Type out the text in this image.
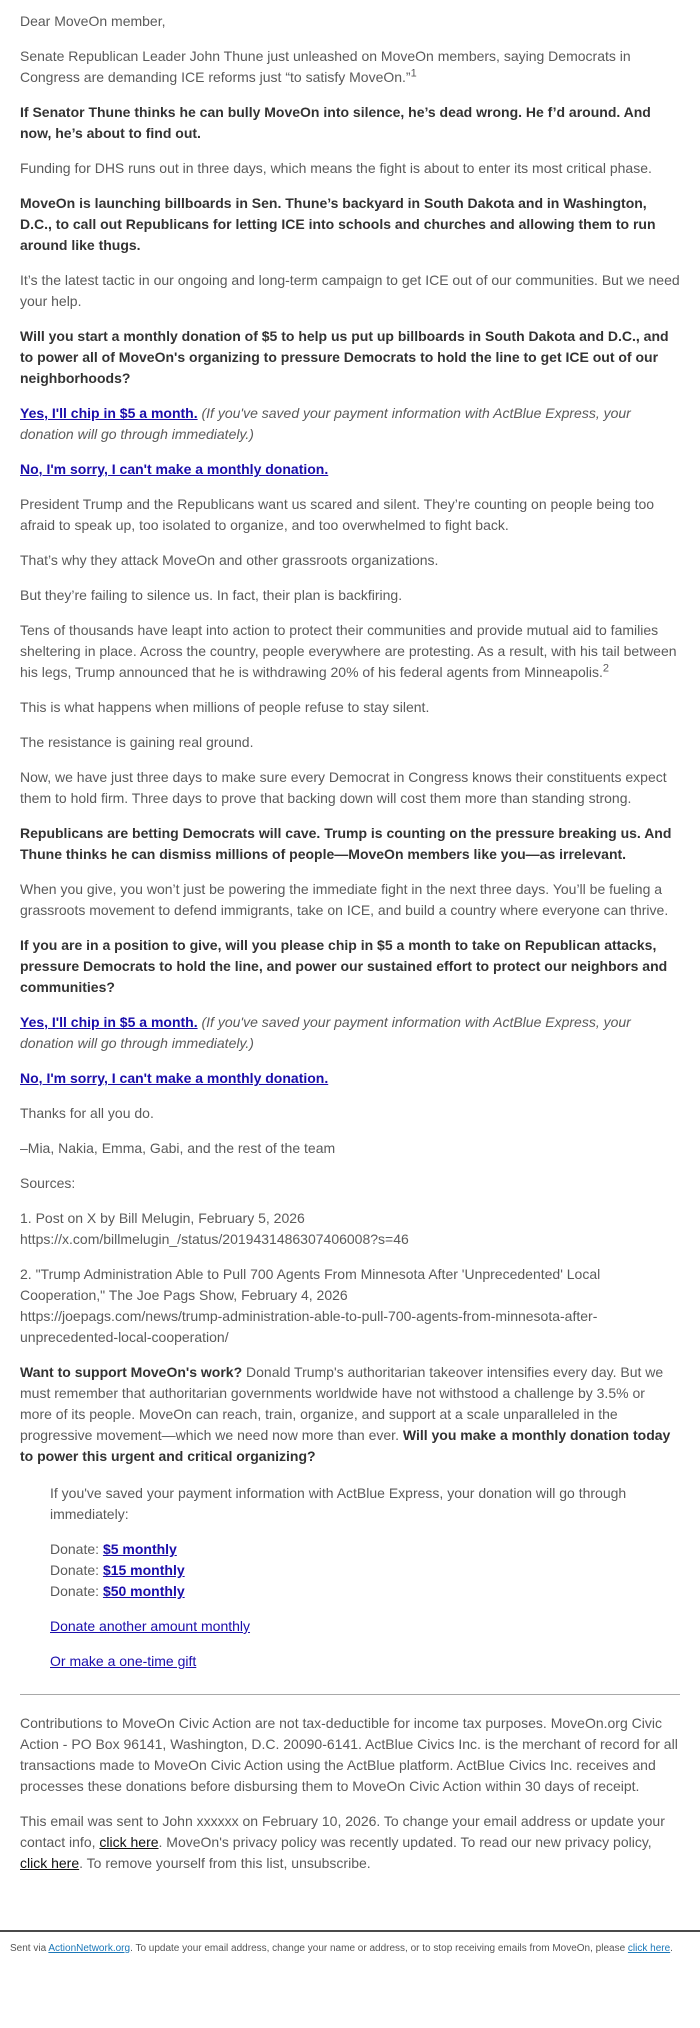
Dear MoveOn member,

Senate Republican Leader John Thune just unleashed on MoveOn members, saying Democrats in Congress are demanding ICE reforms just “to satisfy MoveOn.”$^1$

If Senator Thune thinks he can bully MoveOn into silence, he’s dead wrong. He f’d around. And now, he’s about to find out.

Funding for DHS runs out in three days, which means the fight is about to enter its most critical phase.

MoveOn is launching billboards in Sen. Thune’s backyard in South Dakota and in Washington, D.C., to call out Republicans for letting ICE into schools and churches and allowing them to run around like thugs.

It’s the latest tactic in our ongoing and long-term campaign to get ICE out of our communities. But we need your help.

Will you start a monthly donation of $5 to help us put up billboards in South Dakota and D.C., and to power all of MoveOn's organizing to pressure Democrats to hold the line to get ICE out of our neighborhoods?

Yes, I'll chip in $5 a month. (If you've saved your payment information with ActBlue Express, your donation will go through immediately.)

No, I'm sorry, I can't make a monthly donation.

President Trump and the Republicans want us scared and silent. They’re counting on people being too afraid to speak up, too isolated to organize, and too overwhelmed to fight back.

That’s why they attack MoveOn and other grassroots organizations.

But they’re failing to silence us. In fact, their plan is backfiring.

Tens of thousands have leapt into action to protect their communities and provide mutual aid to families sheltering in place. Across the country, people everywhere are protesting. As a result, with his tail between his legs, Trump announced that he is withdrawing 20% of his federal agents from Minneapolis.$^2$

This is what happens when millions of people refuse to stay silent.

The resistance is gaining real ground.

Now, we have just three days to make sure every Democrat in Congress knows their constituents expect them to hold firm. Three days to prove that backing down will cost them more than standing strong.

Republicans are betting Democrats will cave. Trump is counting on the pressure breaking us. And Thune thinks he can dismiss millions of people—MoveOn members like you—as irrelevant.

When you give, you won’t just be powering the immediate fight in the next three days. You’ll be fueling a grassroots movement to defend immigrants, take on ICE, and build a country where everyone can thrive.

If you are in a position to give, will you please chip in $5 a month to take on Republican attacks, pressure Democrats to hold the line, and power our sustained effort to protect our neighbors and communities?

Yes, I'll chip in $5 a month. (If you've saved your payment information with ActBlue Express, your donation will go through immediately.)

No, I'm sorry, I can't make a monthly donation.

Thanks for all you do.

–Mia, Nakia, Emma, Gabi, and the rest of the team

Sources:

1. Post on X by Bill Melugin, February 5, 2026
https://x.com/billmelugin_/status/2019431486307406008?s=46
2. "Trump Administration Able to Pull 700 Agents From Minnesota After 'Unprecedented' Local Cooperation," The Joe Pags Show, February 4, 2026
https://joepags.com/news/trump-administration-able-to-pull-700-agents-from-minnesota-after-unprecedented-local-cooperation/

Want to support MoveOn's work? Donald Trump's authoritarian takeover intensifies every day. But we must remember that authoritarian governments worldwide have not withstood a challenge by 3.5% or more of its people. MoveOn can reach, train, organize, and support at a scale unparalleled in the progressive movement—which we need now more than ever. Will you make a monthly donation today to power this urgent and critical organizing?

If you've saved your payment information with ActBlue Express, your donation will go through immediately:
Donate: $5 monthly
Donate: $15 monthly
Donate: $50 monthly

Donate another amount monthly

Or make a one-time gift

Contributions to MoveOn Civic Action are not tax-deductible for income tax purposes. MoveOn.org Civic Action - PO Box 96141, Washington, D.C. 20090-6141. ActBlue Civics Inc. is the merchant of record for all transactions made to MoveOn Civic Action using the ActBlue platform. ActBlue Civics Inc. receives and processes these donations before disbursing them to MoveOn Civic Action within 30 days of receipt.

This email was sent to John xxxxxx on February 10, 2026. To change your email address or update your contact info, click here. MoveOn's privacy policy was recently updated. To read our new privacy policy, click here. To remove yourself from this list, unsubscribe.

Sent via ActionNetwork.org. To update your email address, change your name or address, or to stop receiving emails from MoveOn, please click here.
